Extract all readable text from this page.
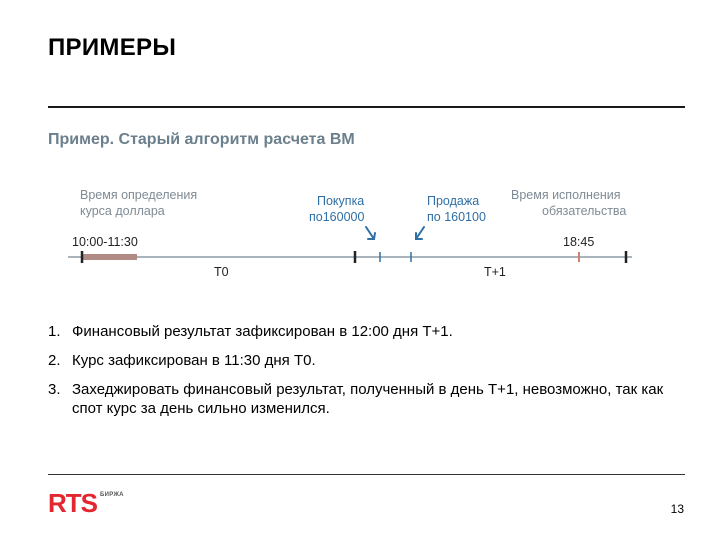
ПРИМЕРЫ
Пример. Старый алгоритм расчета ВМ
Время определения
курса доллара
Покупка
по160000
Продажа
по 160100
Время исполнения
обязательства
10:00-11:30	18:45
T0	T+1
1. Финансовый результат зафиксирован в 12:00 дня Т+1.
2. Курс зафиксирован в 11:30 дня Т0.
3. Захеджировать финансовый результат, полученный в день Т+1, невозможно, так как спот курс за день сильно изменился.
RTS БИРЖА
13
